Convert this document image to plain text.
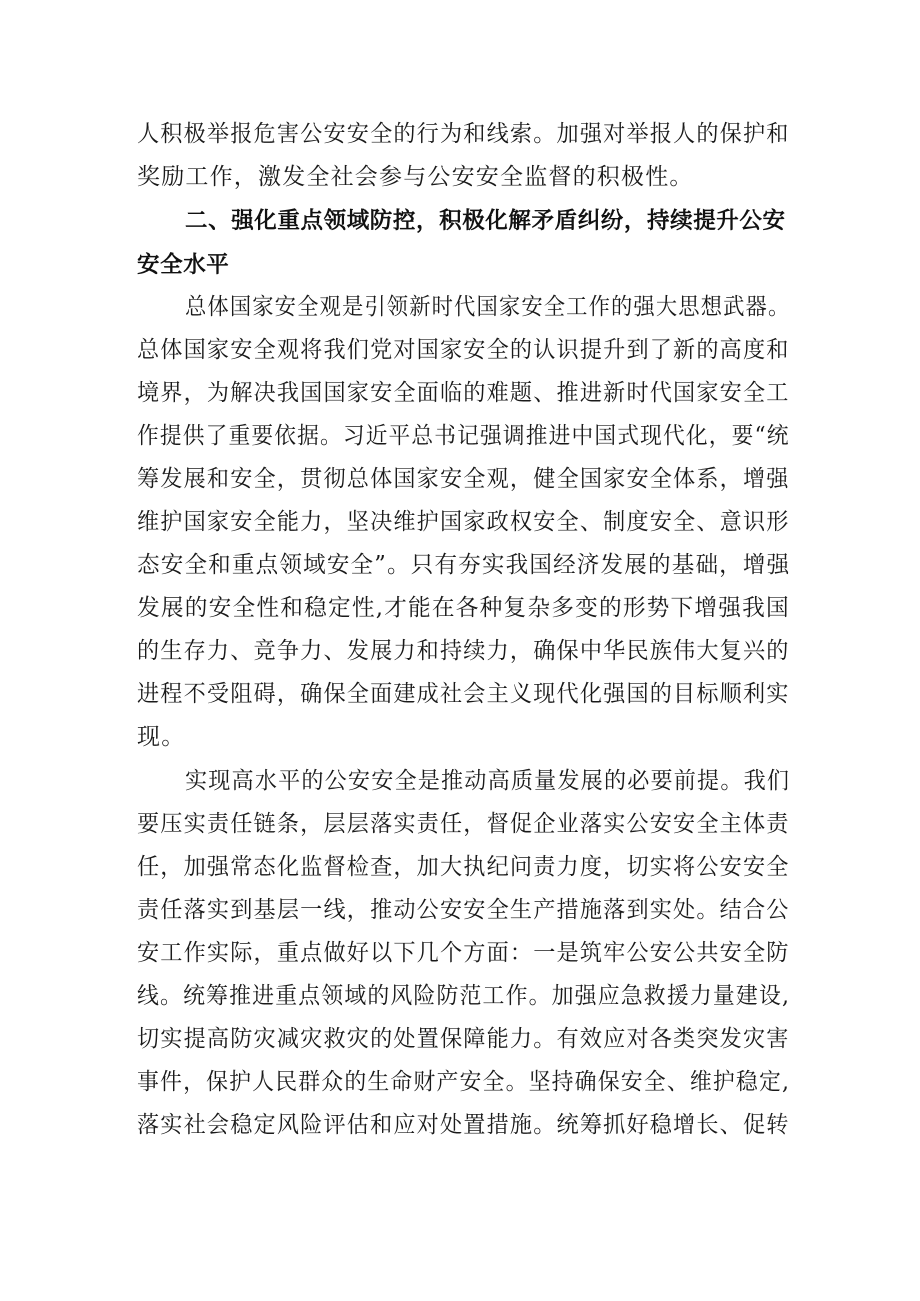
人积极举报危害公安安全的行为和线索。加强对举报人的保护和
奖励工作，激发全社会参与公安安全监督的积极性。
二、强化重点领域防控，积极化解矛盾纠纷，持续提升公安
安全水平
总体国家安全观是引领新时代国家安全工作的强大思想武器。
总体国家安全观将我们党对国家安全的认识提升到了新的高度和
境界，为解决我国国家安全面临的难题、推进新时代国家安全工
作提供了重要依据。习近平总书记强调推进中国式现代化，要“统
筹发展和安全，贯彻总体国家安全观，健全国家安全体系，增强
维护国家安全能力，坚决维护国家政权安全、制度安全、意识形
态安全和重点领域安全”。只有夯实我国经济发展的基础，增强
发展的安全性和稳定性,才能在各种复杂多变的形势下增强我国
的生存力、竞争力、发展力和持续力，确保中华民族伟大复兴的
进程不受阻碍，确保全面建成社会主义现代化强国的目标顺利实
现。
实现高水平的公安安全是推动高质量发展的必要前提。我们
要压实责任链条，层层落实责任，督促企业落实公安安全主体责
任，加强常态化监督检查，加大执纪问责力度，切实将公安安全
责任落实到基层一线，推动公安安全生产措施落到实处。结合公
安工作实际，重点做好以下几个方面：一是筑牢公安公共安全防
线。统筹推进重点领域的风险防范工作。加强应急救援力量建设,
切实提高防灾减灾救灾的处置保障能力。有效应对各类突发灾害
事件，保护人民群众的生命财产安全。坚持确保安全、维护稳定,
落实社会稳定风险评估和应对处置措施。统筹抓好稳增长、促转
